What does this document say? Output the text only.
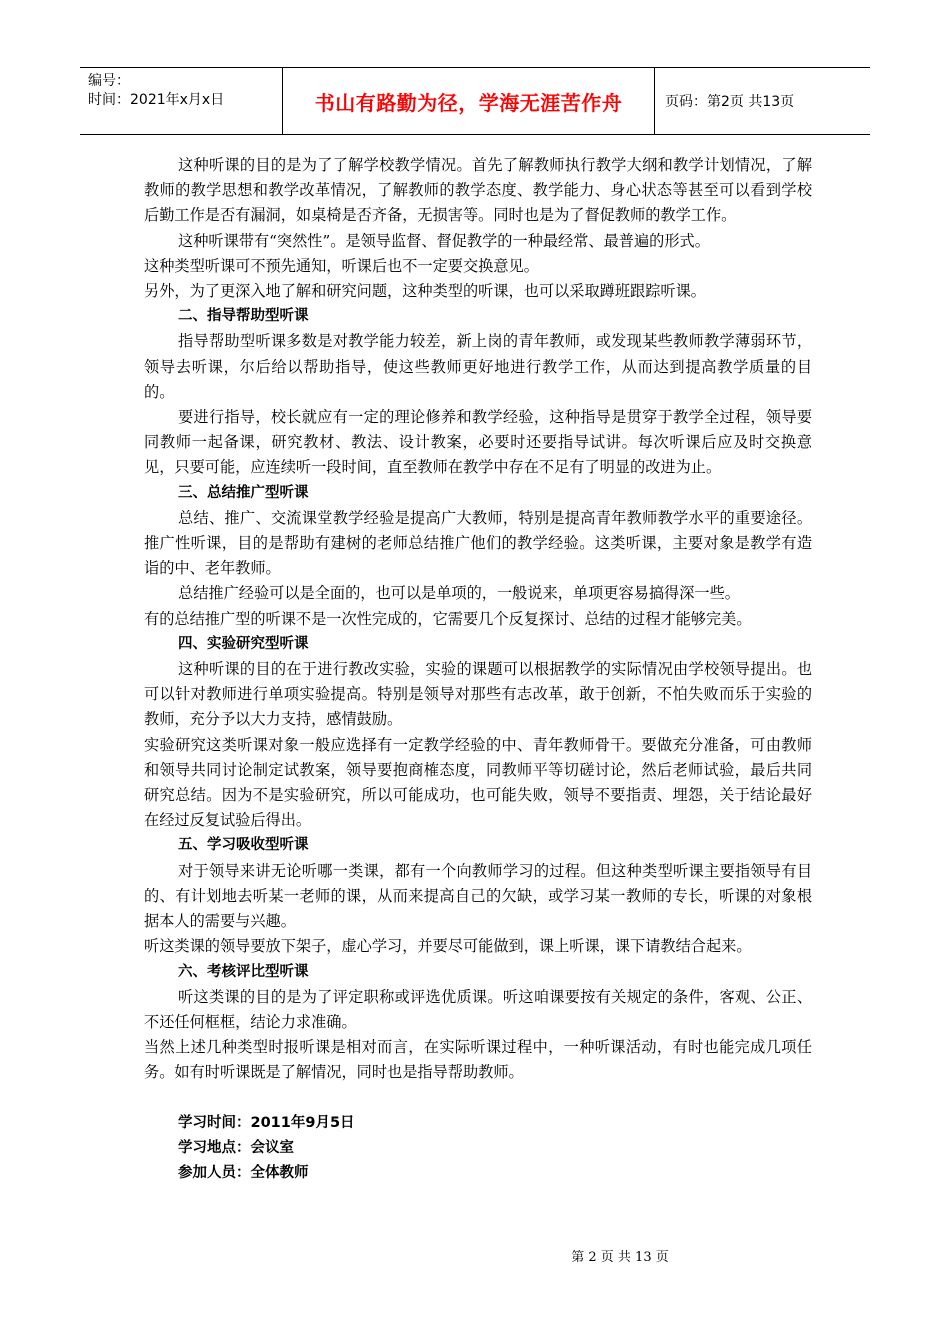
编号：
时间：2021年x月x日	书山有路勤为径，学海无涯苦作舟	页码：第2页 共13页

这种听课的目的是为了了解学校教学情况。首先了解教师执行教学大纲和教学计划情况，了解教师的教学思想和教学改革情况，了解教师的教学态度、教学能力、身心状态等甚至可以看到学校后勤工作是否有漏洞，如桌椅是否齐备，无损害等。同时也是为了督促教师的教学工作。

这种听课带有“突然性”。是领导监督、督促教学的一种最经常、最普遍的形式。

这种类型听课可不预先通知，听课后也不一定要交换意见。

另外，为了更深入地了解和研究问题，这种类型的听课，也可以采取蹲班跟踪听课。

二、指导帮助型听课

指导帮助型听课多数是对教学能力较差，新上岗的青年教师，或发现某些教师教学薄弱环节，领导去听课，尔后给以帮助指导，使这些教师更好地进行教学工作，从而达到提高教学质量的目的。

要进行指导，校长就应有一定的理论修养和教学经验，这种指导是贯穿于教学全过程，领导要同教师一起备课，研究教材、教法、设计教案，必要时还要指导试讲。每次听课后应及时交换意见，只要可能，应连续听一段时间，直至教师在教学中存在不足有了明显的改进为止。

三、总结推广型听课

总结、推广、交流课堂教学经验是提高广大教师，特别是提高青年教师教学水平的重要途径。推广性听课，目的是帮助有建树的老师总结推广他们的教学经验。这类听课，主要对象是教学有造诣的中、老年教师。

总结推广经验可以是全面的，也可以是单项的，一般说来，单项更容易搞得深一些。

有的总结推广型的听课不是一次性完成的，它需要几个反复探讨、总结的过程才能够完美。

四、实验研究型听课

这种听课的目的在于进行教改实验，实验的课题可以根据教学的实际情况由学校领导提出。也可以针对教师进行单项实验提高。特别是领导对那些有志改革，敢于创新，不怕失败而乐于实验的教师，充分予以大力支持，感情鼓励。

实验研究这类听课对象一般应选择有一定教学经验的中、青年教师骨干。要做充分准备，可由教师和领导共同讨论制定试教案，领导要抱商榷态度，同教师平等切磋讨论，然后老师试验，最后共同研究总结。因为不是实验研究，所以可能成功，也可能失败，领导不要指责、埋怨，关于结论最好在经过反复试验后得出。

五、学习吸收型听课

对于领导来讲无论听哪一类课，都有一个向教师学习的过程。但这种类型听课主要指领导有目的、有计划地去听某一老师的课，从而来提高自己的欠缺，或学习某一教师的专长，听课的对象根据本人的需要与兴趣。

听这类课的领导要放下架子，虚心学习，并要尽可能做到，课上听课，课下请教结合起来。

六、考核评比型听课

听这类课的目的是为了评定职称或评选优质课。听这咱课要按有关规定的条件，客观、公正、不还任何框框，结论力求准确。

当然上述几种类型时报听课是相对而言，在实际听课过程中，一种听课活动，有时也能完成几项任务。如有时听课既是了解情况，同时也是指导帮助教师。

学习时间：2011年9月5日

学习地点：会议室

参加人员：全体教师

第 2 页 共 13 页
